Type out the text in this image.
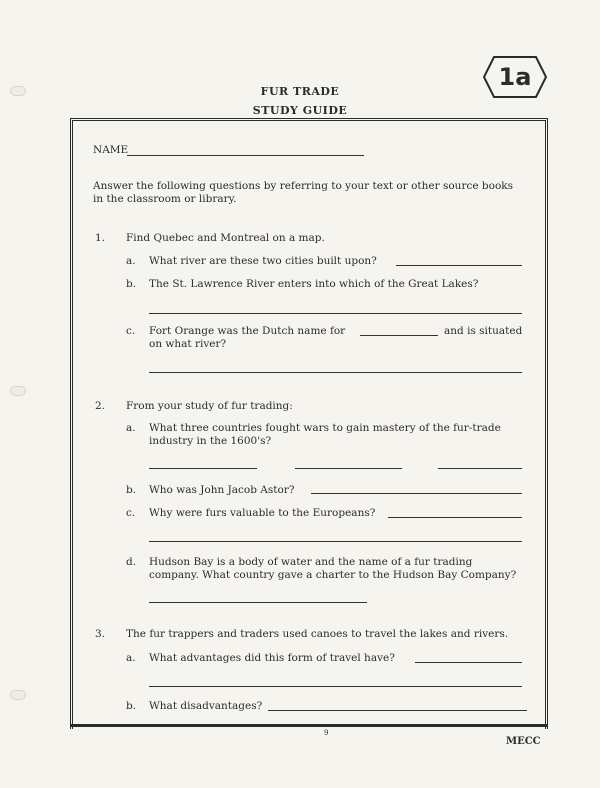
FUR TRADE
STUDY GUIDE
1a
NAME
Answer the following questions by referring to your text or other source books
in the classroom or library.
1. Find Quebec and Montreal on a map.
a. What river are these two cities built upon?
b. The St. Lawrence River enters into which of the Great Lakes?
c. Fort Orange was the Dutch name for	and is situated
on what river?
2. From your study of fur trading:
a. What three countries fought wars to gain mastery of the fur-trade
industry in the 1600's?
b. Who was John Jacob Astor?
c. Why were furs valuable to the Europeans?
d. Hudson Bay is a body of water and the name of a fur trading
company. What country gave a charter to the Hudson Bay Company?
3. The fur trappers and traders used canoes to travel the lakes and rivers.
a. What advantages did this form of travel have?
b. What disadvantages?
9
MECC
